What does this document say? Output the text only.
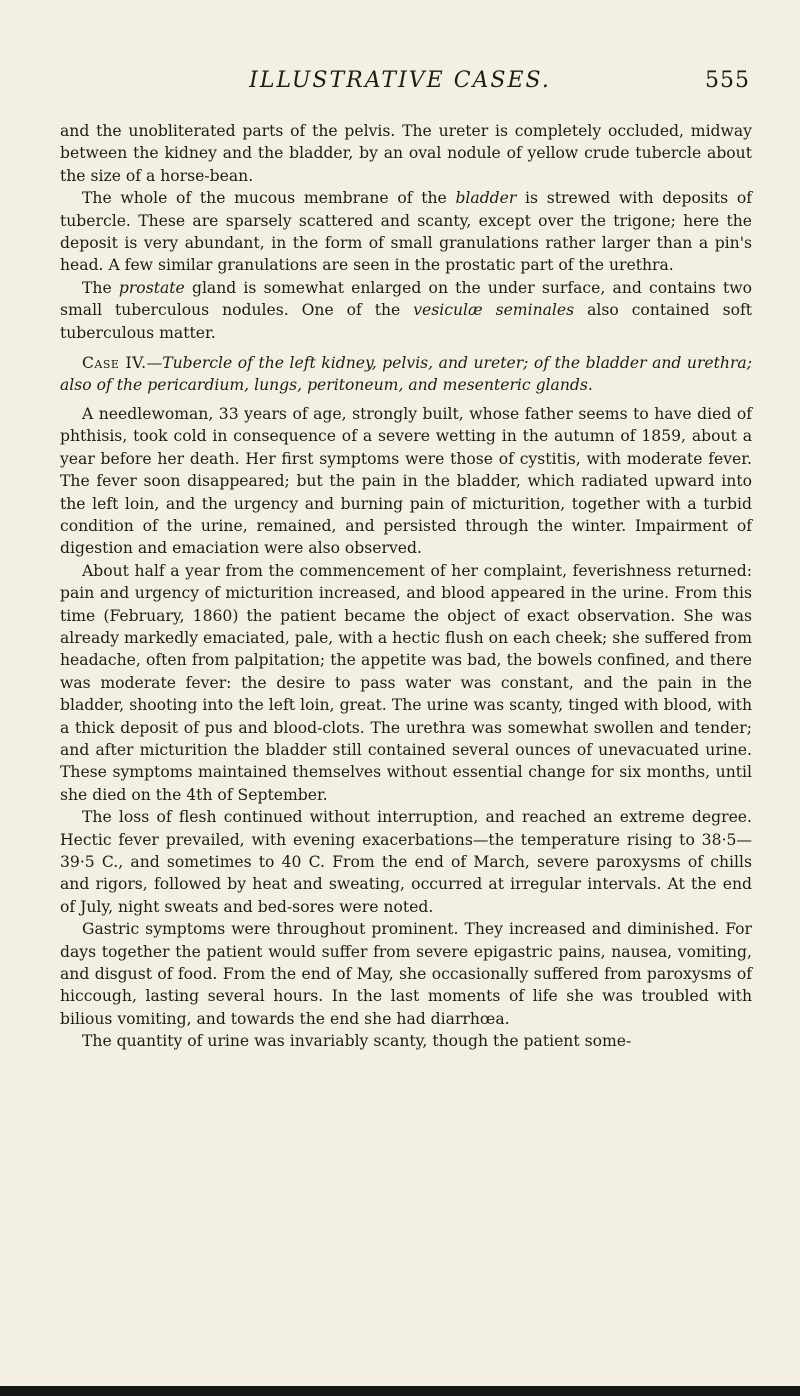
ILLUSTRATIVE CASES.	555

and the unobliterated parts of the pelvis. The ureter is completely occluded, midway between the kidney and the bladder, by an oval nodule of yellow crude tubercle about the size of a horse-bean.

The whole of the mucous membrane of the bladder is strewed with deposits of tubercle. These are sparsely scattered and scanty, except over the trigone; here the deposit is very abundant, in the form of small granulations rather larger than a pin's head. A few similar granulations are seen in the prostatic part of the urethra.

The prostate gland is somewhat enlarged on the under surface, and contains two small tuberculous nodules. One of the vesiculæ seminales also contained soft tuberculous matter.

Case IV.—Tubercle of the left kidney, pelvis, and ureter; of the bladder and urethra; also of the pericardium, lungs, peritoneum, and mesenteric glands.

A needlewoman, 33 years of age, strongly built, whose father seems to have died of phthisis, took cold in consequence of a severe wetting in the autumn of 1859, about a year before her death. Her first symptoms were those of cystitis, with moderate fever. The fever soon disappeared; but the pain in the bladder, which radiated upward into the left loin, and the urgency and burning pain of micturition, together with a turbid condition of the urine, remained, and persisted through the winter. Impairment of digestion and emaciation were also observed.

About half a year from the commencement of her complaint, feverishness returned: pain and urgency of micturition increased, and blood appeared in the urine. From this time (February, 1860) the patient became the object of exact observation. She was already markedly emaciated, pale, with a hectic flush on each cheek; she suffered from headache, often from palpitation; the appetite was bad, the bowels confined, and there was moderate fever: the desire to pass water was constant, and the pain in the bladder, shooting into the left loin, great. The urine was scanty, tinged with blood, with a thick deposit of pus and blood-clots. The urethra was somewhat swollen and tender; and after micturition the bladder still contained several ounces of unevacuated urine. These symptoms maintained themselves without essential change for six months, until she died on the 4th of September.

The loss of flesh continued without interruption, and reached an extreme degree. Hectic fever prevailed, with evening exacerbations—the temperature rising to 38·5—39·5 C., and sometimes to 40 C. From the end of March, severe paroxysms of chills and rigors, followed by heat and sweating, occurred at irregular intervals. At the end of July, night sweats and bed-sores were noted.

Gastric symptoms were throughout prominent. They increased and diminished. For days together the patient would suffer from severe epigastric pains, nausea, vomiting, and disgust of food. From the end of May, she occasionally suffered from paroxysms of hiccough, lasting several hours. In the last moments of life she was troubled with bilious vomiting, and towards the end she had diarrhœa.

The quantity of urine was invariably scanty, though the patient some-
